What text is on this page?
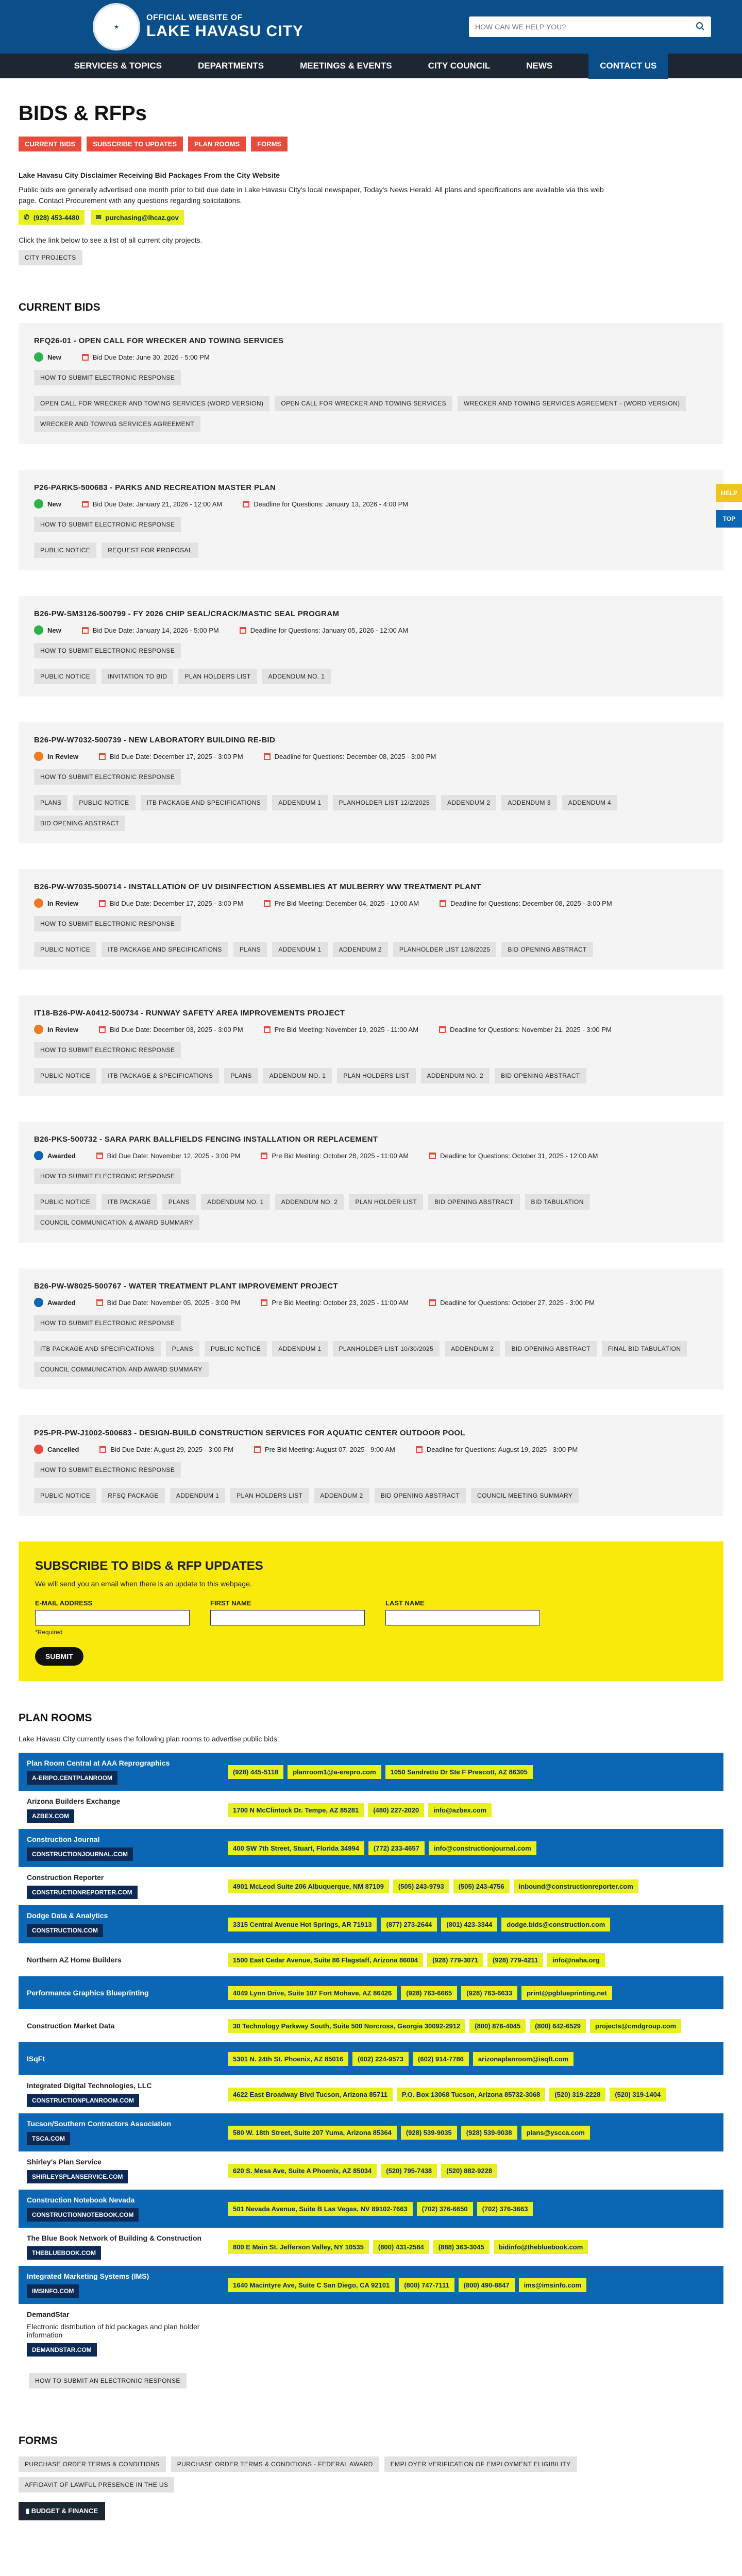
★
OFFICIAL WEBSITE OF
LAKE HAVASU CITY
HOW CAN WE HELP YOU?
SERVICES & TOPICS	DEPARTMENTS	MEETINGS & EVENTS	CITY COUNCIL	NEWS	CONTACT US
HELP
TOP
BIDS & RFPs
CURRENT BIDS	SUBSCRIBE TO UPDATES	PLAN ROOMS	FORMS
Lake Havasu City Disclaimer Receiving Bid Packages From the City Website

Public bids are generally advertised one month prior to bid due date in Lake Havasu City's local newspaper, Today's News Herald. All plans and specifications are available via this web page. Contact Procurement with any questions regarding solicitations.

✆ (928) 453-4480 ✉ purchasing@lhcaz.gov

Click the link below to see a list of all current city projects.

CITY PROJECTS
CURRENT BIDS
RFQ26-01 - OPEN CALL FOR WRECKER AND TOWING SERVICES
New	Bid Due Date: June 30, 2026 - 5:00 PM
HOW TO SUBMIT ELECTRONIC RESPONSE
OPEN CALL FOR WRECKER AND TOWING SERVICES (WORD VERSION)	OPEN CALL FOR WRECKER AND TOWING SERVICES	WRECKER AND TOWING SERVICES AGREEMENT - (WORD VERSION)
WRECKER AND TOWING SERVICES AGREEMENT
P26-PARKS-500683 - PARKS AND RECREATION MASTER PLAN
New	Bid Due Date: January 21, 2026 - 12:00 AM	Deadline for Questions: January 13, 2026 - 4:00 PM
HOW TO SUBMIT ELECTRONIC RESPONSE
PUBLIC NOTICE	REQUEST FOR PROPOSAL
B26-PW-SM3126-500799 - FY 2026 CHIP SEAL/CRACK/MASTIC SEAL PROGRAM
New	Bid Due Date: January 14, 2026 - 5:00 PM	Deadline for Questions: January 05, 2026 - 12:00 AM
HOW TO SUBMIT ELECTRONIC RESPONSE
PUBLIC NOTICE	INVITATION TO BID	PLAN HOLDERS LIST	ADDENDUM NO. 1
B26-PW-W7032-500739 - NEW LABORATORY BUILDING RE-BID
In Review	Bid Due Date: December 17, 2025 - 3:00 PM	Deadline for Questions: December 08, 2025 - 3:00 PM
HOW TO SUBMIT ELECTRONIC RESPONSE
PLANS	PUBLIC NOTICE	ITB PACKAGE AND SPECIFICATIONS	ADDENDUM 1	PLANHOLDER LIST 12/2/2025	ADDENDUM 2	ADDENDUM 3	ADDENDUM 4
BID OPENING ABSTRACT
B26-PW-W7035-500714 - INSTALLATION OF UV DISINFECTION ASSEMBLIES AT MULBERRY WW TREATMENT PLANT
In Review	Bid Due Date: December 17, 2025 - 3:00 PM	Pre Bid Meeting: December 04, 2025 - 10:00 AM	Deadline for Questions: December 08, 2025 - 3:00 PM
HOW TO SUBMIT ELECTRONIC RESPONSE
PUBLIC NOTICE	ITB PACKAGE AND SPECIFICATIONS	PLANS	ADDENDUM 1	ADDENDUM 2	PLANHOLDER LIST 12/8/2025	BID OPENING ABSTRACT
IT18-B26-PW-A0412-500734 - RUNWAY SAFETY AREA IMPROVEMENTS PROJECT
In Review	Bid Due Date: December 03, 2025 - 3:00 PM	Pre Bid Meeting: November 19, 2025 - 11:00 AM	Deadline for Questions: November 21, 2025 - 3:00 PM
HOW TO SUBMIT ELECTRONIC RESPONSE
PUBLIC NOTICE	ITB PACKAGE & SPECIFICATIONS	PLANS	ADDENDUM NO. 1	PLAN HOLDERS LIST	ADDENDUM NO. 2	BID OPENING ABSTRACT
B26-PKS-500732 - SARA PARK BALLFIELDS FENCING INSTALLATION OR REPLACEMENT
Awarded	Bid Due Date: November 12, 2025 - 3:00 PM	Pre Bid Meeting: October 28, 2025 - 11:00 AM	Deadline for Questions: October 31, 2025 - 12:00 AM
HOW TO SUBMIT ELECTRONIC RESPONSE
PUBLIC NOTICE	ITB PACKAGE	PLANS	ADDENDUM NO. 1	ADDENDUM NO. 2	PLAN HOLDER LIST	BID OPENING ABSTRACT	BID TABULATION
COUNCIL COMMUNICATION & AWARD SUMMARY
B26-PW-W8025-500767 - WATER TREATMENT PLANT IMPROVEMENT PROJECT
Awarded	Bid Due Date: November 05, 2025 - 3:00 PM	Pre Bid Meeting: October 23, 2025 - 11:00 AM	Deadline for Questions: October 27, 2025 - 3:00 PM
HOW TO SUBMIT ELECTRONIC RESPONSE
ITB PACKAGE AND SPECIFICATIONS	PLANS	PUBLIC NOTICE	ADDENDUM 1	PLANHOLDER LIST 10/30/2025	ADDENDUM 2	BID OPENING ABSTRACT	FINAL BID TABULATION
COUNCIL COMMUNICATION AND AWARD SUMMARY
P25-PR-PW-J1002-500683 - DESIGN-BUILD CONSTRUCTION SERVICES FOR AQUATIC CENTER OUTDOOR POOL
Cancelled	Bid Due Date: August 29, 2025 - 3:00 PM	Pre Bid Meeting: August 07, 2025 - 9:00 AM	Deadline for Questions: August 19, 2025 - 3:00 PM
HOW TO SUBMIT ELECTRONIC RESPONSE
PUBLIC NOTICE	RFSQ PACKAGE	ADDENDUM 1	PLAN HOLDERS LIST	ADDENDUM 2	BID OPENING ABSTRACT	COUNCIL MEETING SUMMARY
SUBSCRIBE TO BIDS & RFP UPDATES
We will send you an email when there is an update to this webpage.
E-MAIL ADDRESS
*Required
FIRST NAME	LAST NAME
SUBMIT
PLAN ROOMS

Lake Havasu City currently uses the following plan rooms to advertise public bids:

Plan Room Central at AAA Reprographics
A-ERIPO.CENTPLANROOM
(928) 445-5118	planroom1@a-erepro.com	1050 Sandretto Dr Ste F Prescott, AZ 86305
Arizona Builders Exchange
AZBEX.COM
1700 N McClintock Dr. Tempe, AZ 85281	(480) 227-2020	info@azbex.com
Construction Journal
CONSTRUCTIONJOURNAL.COM
400 SW 7th Street, Stuart, Florida 34994	(772) 233-4657	info@constructionjournal.com
Construction Reporter
CONSTRUCTIONREPORTER.COM
4901 McLeod Suite 206 Albuquerque, NM 87109	(505) 243-9793	(505) 243-4756	inbound@constructionreporter.com
Dodge Data & Analytics
CONSTRUCTION.COM
3315 Central Avenue Hot Springs, AR 71913	(877) 273-2644	(801) 423-3344	dodge.bids@construction.com
Northern AZ Home Builders	1500 East Cedar Avenue, Suite 86 Flagstaff, Arizona 86004	(928) 779-3071	(928) 779-4211	info@naha.org
Performance Graphics Blueprinting	4049 Lynn Drive, Suite 107 Fort Mohave, AZ 86426	(928) 763-6665	(928) 763-6633	print@pgblueprinting.net
Construction Market Data	30 Technology Parkway South, Suite 500 Norcross, Georgia 30092-2912	(800) 876-4045	(800) 642-6529	projects@cmdgroup.com
ISqFt	5301 N. 24th St. Phoenix, AZ 85016	(602) 224-9573	(602) 914-7786	arizonaplanroom@isqft.com
Integrated Digital Technologies, LLC
CONSTRUCTIONPLANROOM.COM
4622 East Broadway Blvd Tucson, Arizona 85711	P.O. Box 13068 Tucson, Arizona 85732-3068	(520) 319-2228	(520) 319-1404
Tucson/Southern Contractors Association
TSCA.COM
580 W. 18th Street, Suite 207 Yuma, Arizona 85364	(928) 539-9035	(928) 539-9038	plans@yscca.com
Shirley's Plan Service
SHIRLEYSPLANSERVICE.COM
620 S. Mesa Ave, Suite A Phoenix, AZ 85034	(520) 795-7438	(520) 882-9228
Construction Notebook Nevada
CONSTRUCTIONNOTEBOOK.COM
501 Nevada Avenue, Suite B Las Vegas, NV 89102-7663	(702) 376-6650	(702) 376-3663
The Blue Book Network of Building & Construction
THEBLUEBOOK.COM
800 E Main St. Jefferson Valley, NY 10535	(800) 431-2584	(888) 363-3045	bidinfo@thebluebook.com
Integrated Marketing Systems (IMS)
IMSINFO.COM
1640 Macintyre Ave, Suite C San Diego, CA 92101	(800) 747-7111	(800) 490-8847	ims@imsinfo.com
DemandStar
Electronic distribution of bid packages and plan holder information
DEMANDSTAR.COM
HOW TO SUBMIT AN ELECTRONIC RESPONSE
FORMS
PURCHASE ORDER TERMS & CONDITIONS	PURCHASE ORDER TERMS & CONDITIONS - FEDERAL AWARD	EMPLOYER VERIFICATION OF EMPLOYMENT ELIGIBILITY
AFFIDAVIT OF LAWFUL PRESENCE IN THE US
▮ BUDGET & FINANCE
